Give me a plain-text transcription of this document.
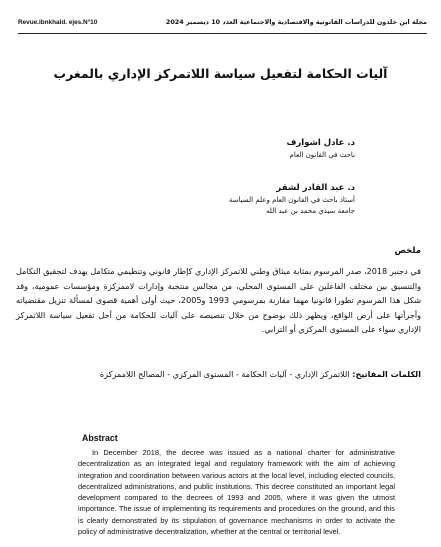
Revue.ibnkhald. ejes.N°10	مجلة ابن خلدون للدراسات القانونية والاقتصادية والاجتماعية العدد 10 ديسمبر 2024
آليات الحكامة لتفعيل سياسة اللاتمركز الإداري بالمغرب
د. عادل اشوارف
باحث في القانون العام
د. عبد القادر لشقر
أستاذ باحث في القانون العام وعلم السياسة
جامعة سيدي محمد بن عبد الله
ملخص
في دجنبر 2018، صدر المرسوم بمثابة ميثاق وطني للاتمركز الإداري كإطار قانوني وتنظيمي متكامل يهدف لتحقيق التكامل والتنسيق بين مختلف الفاعلين على المستوى المحلي، من مجالس منتخبة وإدارات لاممركزة ومؤسسات عمومية، وقد شكل هذا المرسوم تطورا قانونيا مهما مقارنة بمرسومي 1993 و2005، حيث أولى أهمية قصوى لمسألة تنزيل مقتضياته وأجرأتها على أرض الواقع، ويظهر ذلك بوضوح من خلال تنصيصه على آليات للحكامة من أجل تفعيل سياسة اللاتمركز الإداري سواء على المستوى المركزي أو الترابي.
الكلمات المفاتيح: اللاتمركز الإداري - آليات الحكامة - المستوى المركزي - المصالح اللاممركزة
Abstract
In December 2018, the decree was issued as a national charter for administrative decentralization as an integrated legal and regulatory framework with the aim of achieving integration and coordination between various actors at the local level, including elected councils, decentralized administrations, and public institutions. This decree constituted an important legal development compared to the decrees of 1993 and 2005, where it was given the utmost importance. The issue of implementing its requirements and procedures on the ground, and this is clearly demonstrated by its stipulation of governance mechanisms in order to activate the policy of administrative decentralization, whether at the central or territorial level.
